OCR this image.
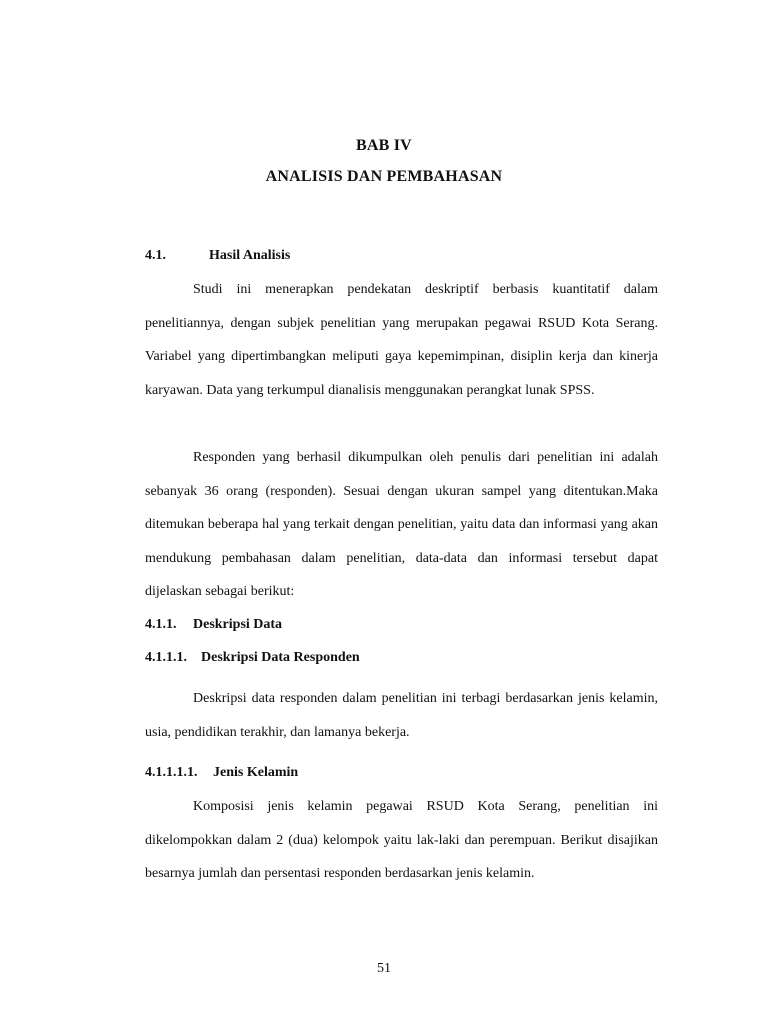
BAB IV
ANALISIS DAN PEMBAHASAN
4.1.	Hasil Analisis

Studi ini menerapkan pendekatan deskriptif berbasis kuantitatif dalam penelitiannya, dengan subjek penelitian yang merupakan pegawai RSUD Kota Serang. Variabel yang dipertimbangkan meliputi gaya kepemimpinan, disiplin kerja dan kinerja karyawan. Data yang terkumpul dianalisis menggunakan perangkat lunak SPSS.

Responden yang berhasil dikumpulkan oleh penulis dari penelitian ini adalah sebanyak 36 orang (responden). Sesuai dengan ukuran sampel yang ditentukan.Maka ditemukan beberapa hal yang terkait dengan penelitian, yaitu data dan informasi yang akan mendukung pembahasan dalam penelitian, data-data dan informasi tersebut dapat dijelaskan sebagai berikut:

4.1.1. Deskripsi Data
4.1.1.1. Deskripsi Data Responden

Deskripsi data responden dalam penelitian ini terbagi berdasarkan jenis kelamin, usia, pendidikan terakhir, dan lamanya bekerja.

4.1.1.1.1. Jenis Kelamin

Komposisi jenis kelamin pegawai RSUD Kota Serang, penelitian ini dikelompokkan dalam 2 (dua) kelompok yaitu lak-laki dan perempuan. Berikut disajikan besarnya jumlah dan persentasi responden berdasarkan jenis kelamin.

51
